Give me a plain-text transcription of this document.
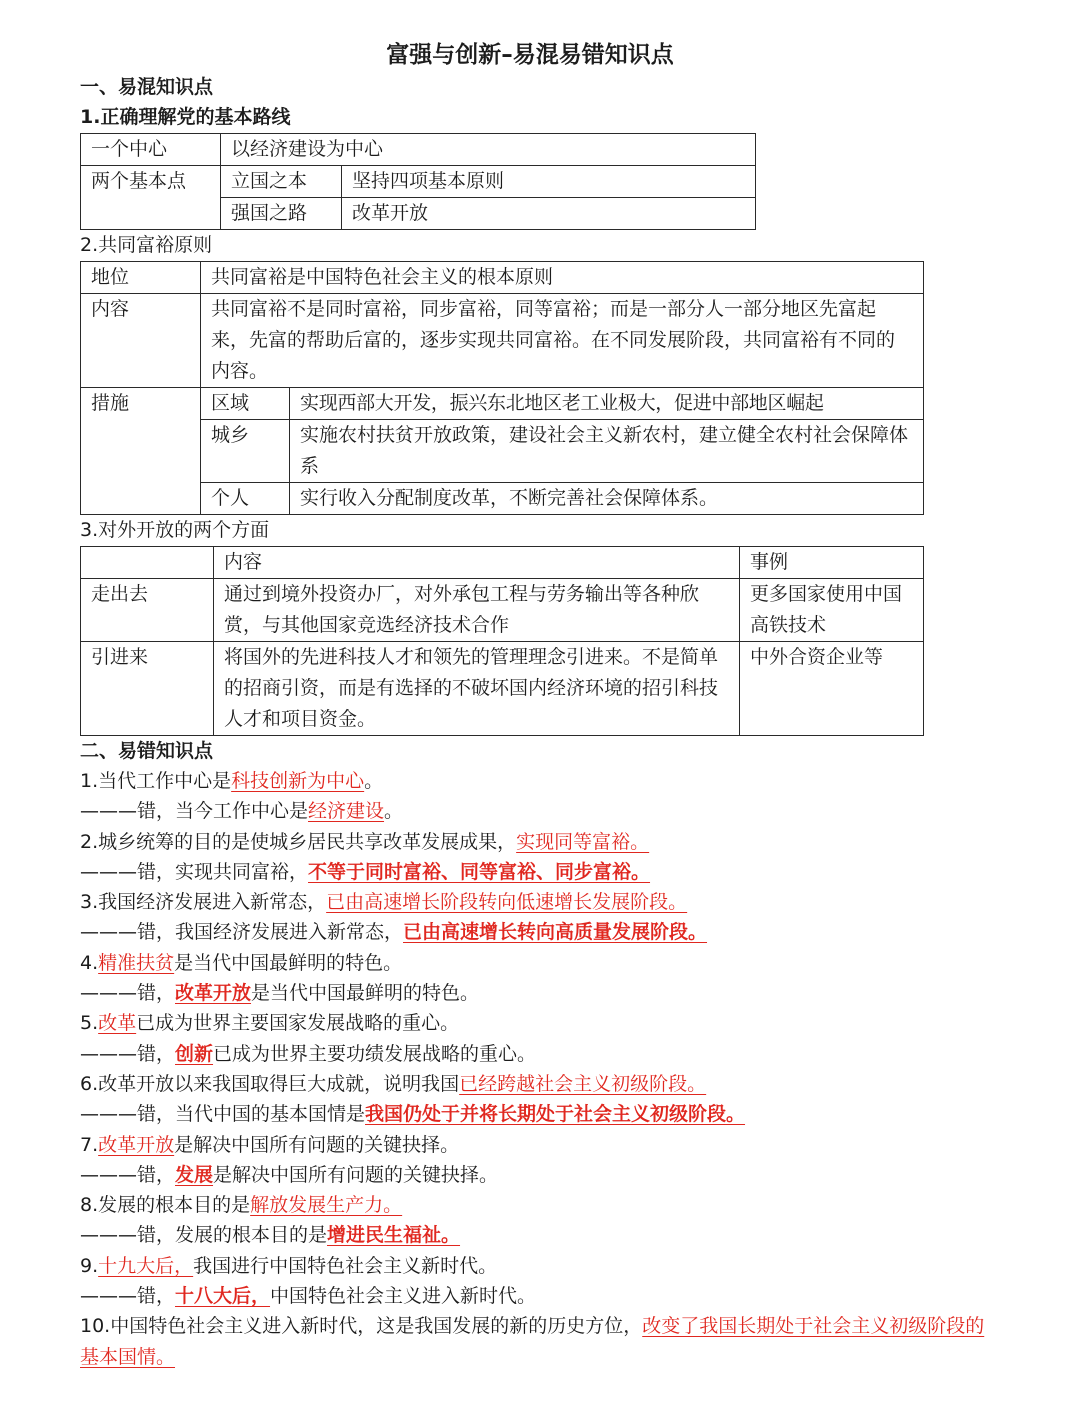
富强与创新–易混易错知识点
一、易混知识点
1.正确理解党的基本路线
一个中心	以经济建设为中心	
两个基本点	立国之本	坚持四项基本原则
	强国之路	改革开放
2.共同富裕原则
地位	共同富裕是中国特色社会主义的根本原则	
内容	共同富裕不是同时富裕，同步富裕，同等富裕；而是一部分人一部分地区先富起来，先富的帮助后富的，逐步实现共同富裕。在不同发展阶段，共同富裕有不同的内容。	
措施	区域	实现西部大开发，振兴东北地区老工业极大，促进中部地区崛起
	城乡	实施农村扶贫开放政策，建设社会主义新农村，建立健全农村社会保障体系
	个人	实行收入分配制度改革，不断完善社会保障体系。
3.对外开放的两个方面
	内容	事例
走出去	通过到境外投资办厂，对外承包工程与劳务输出等各种欣赏，与其他国家竞选经济技术合作	更多国家使用中国高铁技术
引进来	将国外的先进科技人才和领先的管理理念引进来。不是简单的招商引资，而是有选择的不破坏国内经济环境的招引科技人才和项目资金。	中外合资企业等
二、易错知识点
1.当代工作中心是科技创新为中心。
———错，当今工作中心是经济建设。
2.城乡统筹的目的是使城乡居民共享改革发展成果，实现同等富裕。
———错，实现共同富裕，不等于同时富裕、同等富裕、同步富裕。
3.我国经济发展进入新常态，已由高速增长阶段转向低速增长发展阶段。
———错，我国经济发展进入新常态，已由高速增长转向高质量发展阶段。
4.精准扶贫是当代中国最鲜明的特色。
———错，改革开放是当代中国最鲜明的特色。
5.改革已成为世界主要国家发展战略的重心。
———错，创新已成为世界主要功绩发展战略的重心。
6.改革开放以来我国取得巨大成就，说明我国已经跨越社会主义初级阶段。
———错，当代中国的基本国情是我国仍处于并将长期处于社会主义初级阶段。
7.改革开放是解决中国所有问题的关键抉择。
———错，发展是解决中国所有问题的关键抉择。
8.发展的根本目的是解放发展生产力。
———错，发展的根本目的是增进民生福祉。
9.十九大后，我国进行中国特色社会主义新时代。
———错，十八大后，中国特色社会主义进入新时代。
10.中国特色社会主义进入新时代，这是我国发展的新的历史方位，改变了我国长期处于社会主义初级阶段的基本国情。
